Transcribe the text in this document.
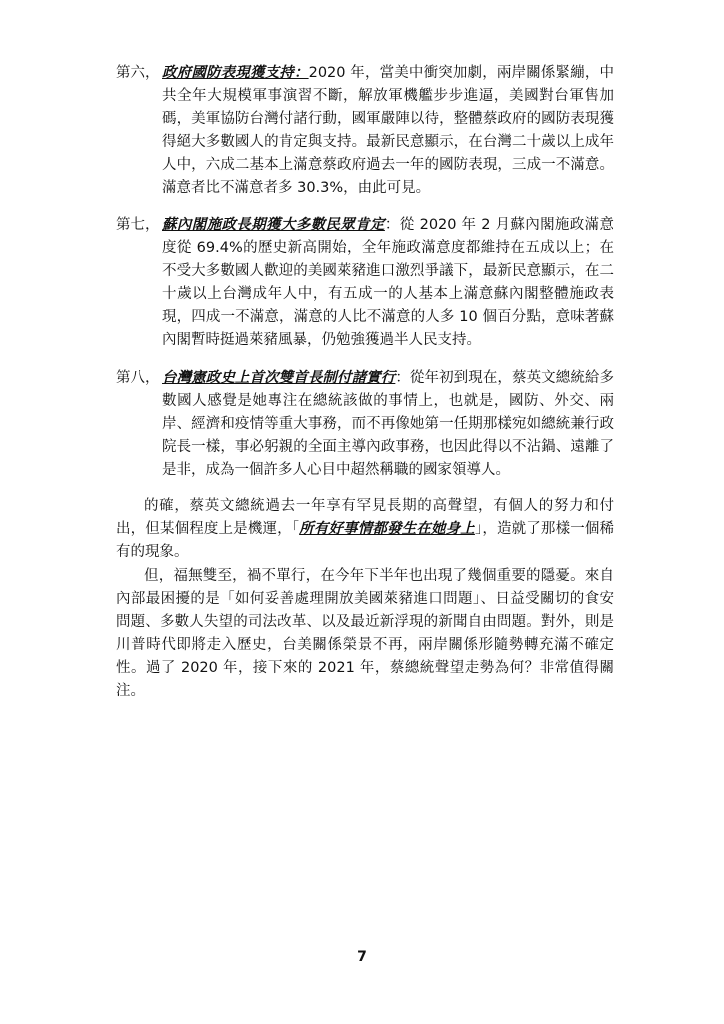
第六， 政府國防表現獲支持：2020 年，當美中衝突加劇，兩岸關係緊繃，中共全年大規模軍事演習不斷，解放軍機艦步步進逼，美國對台軍售加碼，美軍協防台灣付諸行動，國軍嚴陣以待，整體蔡政府的國防表現獲得絕大多數國人的肯定與支持。最新民意顯示，在台灣二十歲以上成年人中，六成二基本上滿意蔡政府過去一年的國防表現，三成一不滿意。滿意者比不滿意者多 30.3%，由此可見。
第七， 蘇內閣施政長期獲大多數民眾肯定：從 2020 年 2 月蘇內閣施政滿意度從 69.4%的歷史新高開始，全年施政滿意度都維持在五成以上；在不受大多數國人歡迎的美國萊豬進口激烈爭議下，最新民意顯示，在二十歲以上台灣成年人中，有五成一的人基本上滿意蘇內閣整體施政表現，四成一不滿意，滿意的人比不滿意的人多 10 個百分點，意味著蘇內閣暫時挺過萊豬風暴，仍勉強獲過半人民支持。
第八， 台灣憲政史上首次雙首長制付諸實行：從年初到現在，蔡英文總統給多數國人感覺是她專注在總統該做的事情上，也就是，國防、外交、兩岸、經濟和疫情等重大事務，而不再像她第一任期那樣宛如總統兼行政院長一樣，事必躬親的全面主導內政事務，也因此得以不沾鍋、遠離了是非，成為一個許多人心目中超然稱職的國家領導人。
的確，蔡英文總統過去一年享有罕見長期的高聲望，有個人的努力和付出，但某個程度上是機運，「所有好事情都發生在她身上」，造就了那樣一個稀有的現象。
但，福無雙至，禍不單行，在今年下半年也出現了幾個重要的隱憂。來自內部最困擾的是「如何妥善處理開放美國萊豬進口問題」、日益受關切的食安問題、多數人失望的司法改革、以及最近新浮現的新聞自由問題。對外，則是川普時代即將走入歷史，台美關係榮景不再，兩岸關係形隨勢轉充滿不確定性。過了 2020 年，接下來的 2021 年，蔡總統聲望走勢為何？非常值得關注。
7
